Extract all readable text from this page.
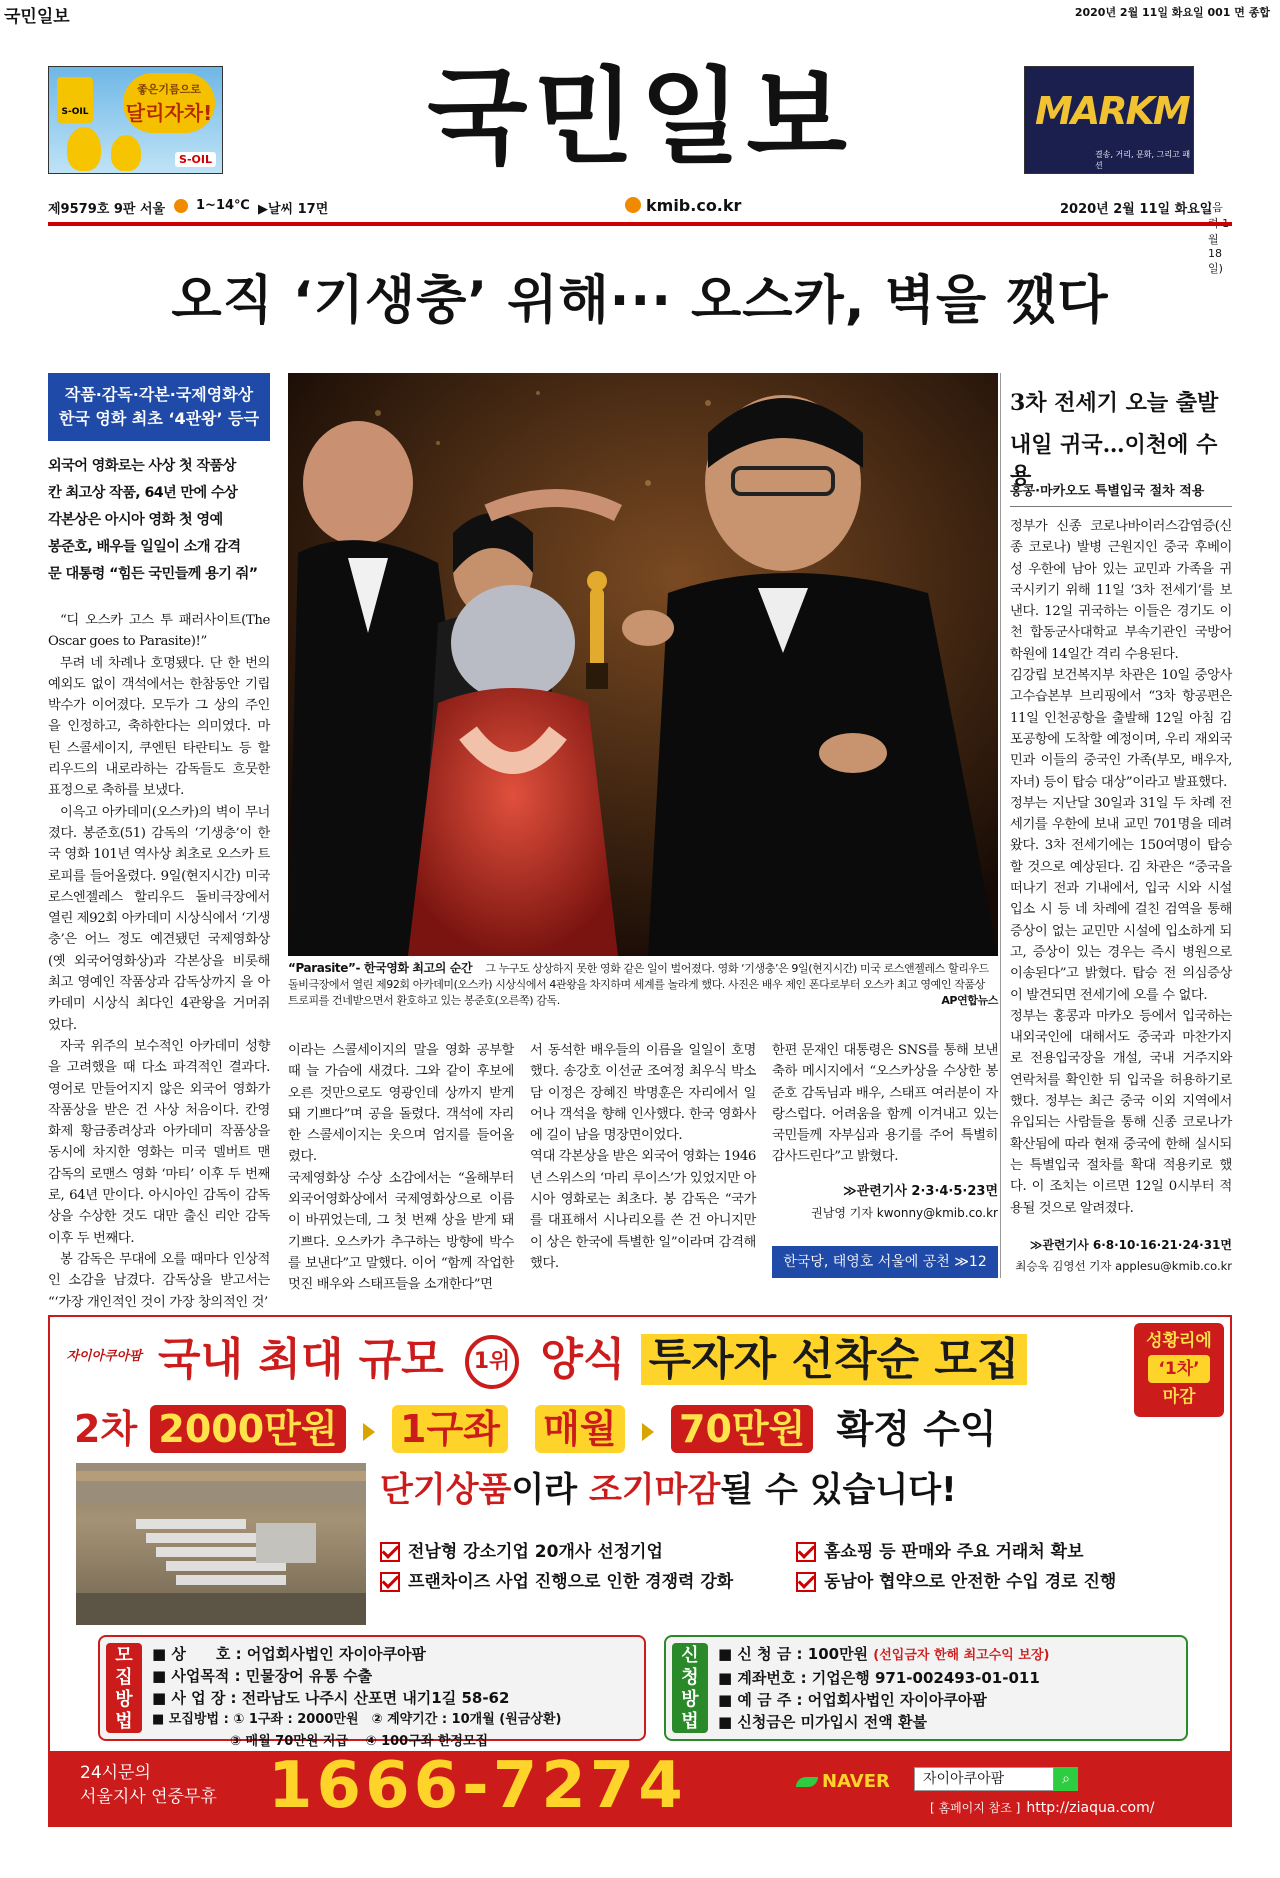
국민일보	2020년 2월 11일 화요일 001 면 종합
S-OIL
좋은기름으로
달리자차!
S-OIL	국민일보	MARKM
결송, 거리, 문화, 그리고 패션
제9579호 9판 서울 1~14℃ ▶날씨 17면	kmib.co.kr	2020년 2월 11일 화요일
(음 월 18일)
오직 ‘기생충’ 위해··· 오스카, 벽을 깼다
작품·감독·각본·국제영화상
한국 영화 최초 ‘4관왕’ 등극
외국어 영화로는 사상 첫 작품상
칸 최고상 작품, 64년 만에 수상
각본상은 아시아 영화 첫 영예
봉준호, 배우들 일일이 소개 감격
문 대통령 “힘든 국민들께 용기 줘”

“디 오스카 고스 투 패러사이트(The Oscar goes to Parasite)!”

무려 네 차례나 호명됐다. 단 한 번의 예외도 없이 객석에서는 한참동안 기립박수가 이어졌다. 모두가 그 상의 주인을 인정하고, 축하한다는 의미였다. 마틴 스콜세이지, 쿠엔틴 타란티노 등 할리우드의 내로라하는 감독들도 흐뭇한 표정으로 축하를 보냈다.

이윽고 아카데미(오스카)의 벽이 무너졌다. 봉준호(51) 감독의 ‘기생충’이 한국 영화 101년 역사상 최초로 오스카 트로피를 들어올렸다. 9일(현지시간) 미국 로스엔젤레스 할리우드 돌비극장에서 열린 제92회 아카데미 시상식에서 ‘기생충’은 어느 정도 예견됐던 국제영화상(옛 외국어영화상)과 각본상을 비롯해 최고 영예인 작품상과 감독상까지 을 아카데미 시상식 최다인 4관왕을 거머쥐었다.

자국 위주의 보수적인 아카데미 성향을 고려했을 때 다소 파격적인 결과다. 영어로 만들어지지 않은 외국어 영화가 작품상을 받은 건 사상 처음이다. 칸영화제 황금종려상과 아카데미 작품상을 동시에 차지한 영화는 미국 델버트 맨 감독의 로맨스 영화 ‘마티’ 이후 두 번째로, 64년 만이다. 아시아인 감독이 감독상을 수상한 것도 대만 출신 리안 감독 이후 두 번째다.

봉 감독은 무대에 오를 때마다 인상적인 소감을 남겼다. 감독상을 받고서는 “‘가장 개인적인 것이 가장 창의적인 것’

“Parasite”- 한국영화 최고의 순간 그 누구도 상상하지 못한 영화 같은 일이 벌어졌다. 영화 ‘기생충’은 9일(현지시간) 미국 로스앤젤레스 할리우드 돌비극장에서 열린 제92회 아카데미(오스카) 시상식에서 4관왕을 차지하며 세계를 놀라게 했다. 사진은 배우 제인 폰다로부터 오스카 최고 영예인 작품상 트로피를 건네받으면서 환호하고 있는 봉준호(오른쪽) 감독.	AP연합뉴스
이라는 스콜세이지의 말을 영화 공부할 때 늘 가슴에 새겼다. 그와 같이 후보에 오른 것만으로도 영광인데 상까지 받게 돼 기쁘다”며 공을 돌렸다. 객석에 자리한 스콜세이지는 웃으며 엄지를 들어올렸다.
국제영화상 수상 소감에서는 “올해부터 외국어영화상에서 국제영화상으로 이름이 바뀌었는데, 그 첫 번째 상을 받게 돼 기쁘다. 오스카가 추구하는 방향에 박수를 보낸다”고 말했다. 이어 “함께 작업한 멋진 배우와 스태프들을 소개한다”면
서 동석한 배우들의 이름을 일일이 호명했다. 송강호 이선균 조여정 최우식 박소담 이정은 장혜진 박명훈은 자리에서 일어나 객석을 향해 인사했다. 한국 영화사에 길이 남을 명장면이었다.
역대 각본상을 받은 외국어 영화는 1946년 스위스의 ‘마리 루이스’가 있었지만 아시아 영화로는 최초다. 봉 감독은 “국가를 대표해서 시나리오를 쓴 건 아니지만 이 상은 한국에 특별한 일”이라며 감격해했다.
한편 문재인 대통령은 SNS를 통해 보낸 축하 메시지에서 “오스카상을 수상한 봉준호 감독님과 배우, 스태프 여러분이 자랑스럽다. 어려움을 함께 이겨내고 있는 국민들께 자부심과 용기를 주어 특별히 감사드린다”고 밝혔다.
≫관련기사 2·3·4·5·23면
권남영 기자 kwonny@kmib.co.kr
한국당, 태영호 서울에 공천 ≫12
3차 전세기 오늘 출발
내일 귀국…이천에 수용
홍콩·마카오도 특별입국 절차 적용
정부가 신종 코로나바이러스감염증(신종 코로나) 발병 근원지인 중국 후베이성 우한에 남아 있는 교민과 가족을 귀국시키기 위해 11일 ‘3차 전세기’를 보낸다. 12일 귀국하는 이들은 경기도 이천 합동군사대학교 부속기관인 국방어학원에 14일간 격리 수용된다.
김강립 보건복지부 차관은 10일 중앙사고수습본부 브리핑에서 “3차 항공편은 11일 인천공항을 출발해 12일 아침 김포공항에 도착할 예정이며, 우리 재외국민과 이들의 중국인 가족(부모, 배우자, 자녀) 등이 탑승 대상”이라고 발표했다.
정부는 지난달 30일과 31일 두 차례 전세기를 우한에 보내 교민 701명을 데려왔다. 3차 전세기에는 150여명이 탑승할 것으로 예상된다. 김 차관은 “중국을 떠나기 전과 기내에서, 입국 시와 시설 입소 시 등 네 차례에 걸친 검역을 통해 증상이 없는 교민만 시설에 입소하게 되고, 증상이 있는 경우는 즉시 병원으로 이송된다”고 밝혔다. 탑승 전 의심증상이 발견되면 전세기에 오를 수 없다.
정부는 홍콩과 마카오 등에서 입국하는 내외국인에 대해서도 중국과 마찬가지로 전용입국장을 개설, 국내 거주지와 연락처를 확인한 뒤 입국을 허용하기로 했다. 정부는 최근 중국 이외 지역에서 유입되는 사람들을 통해 신종 코로나가 확산됨에 따라 현재 중국에 한해 실시되는 특별입국 절차를 확대 적용키로 했다. 이 조치는 이르면 12일 0시부터 적용될 것으로 알려졌다.
≫관련기사 6·8·10·16·21·24·31면
최승욱 김영선 기자 applesu@kmib.co.kr
자이아쿠아팜 국내 최대 규모 1위 양식 투자자 선착순 모집	성황리에
‘1차’
마감
2차 2000만원 1구좌 매월 70만원 확정 수익
단기상품이라 조기마감될 수 있습니다!
전남형 강소기업 20개사 선정기업	홈쇼핑 등 판매와 주요 거래처 확보
프랜차이즈 사업 진행으로 인한 경쟁력 강화	동남아 협약으로 안전한 수입 경로 진행
모집방법
■ 상　　호 : 어업회사법인 자이아쿠아팜
■ 사업목적 : 민물장어 유통 수출
■ 사 업 장 : 전라남도 나주시 산포면 내기1길 58-62
■ 모집방법 : ① 1구좌 : 2000만원　② 계약기간 : 10개월 (원금상환)
　　　　　　③ 매월 70만원 지급　 ④ 100구좌 한정모집
신청방법
■ 신 청 금 : 100만원 (선입금자 한해 최고수익 보장)
■ 계좌번호 : 기업은행 971-002493-01-011
■ 예 금 주 : 어업회사법인 자이아쿠아팜
■ 신청금은 미가입시 전액 환불
24시문의
서울지사 연중무휴 1666-7274	NAVER	자이아쿠아팜	⌕
[ 홈페이지 참조 ] http://ziaqua.com/
